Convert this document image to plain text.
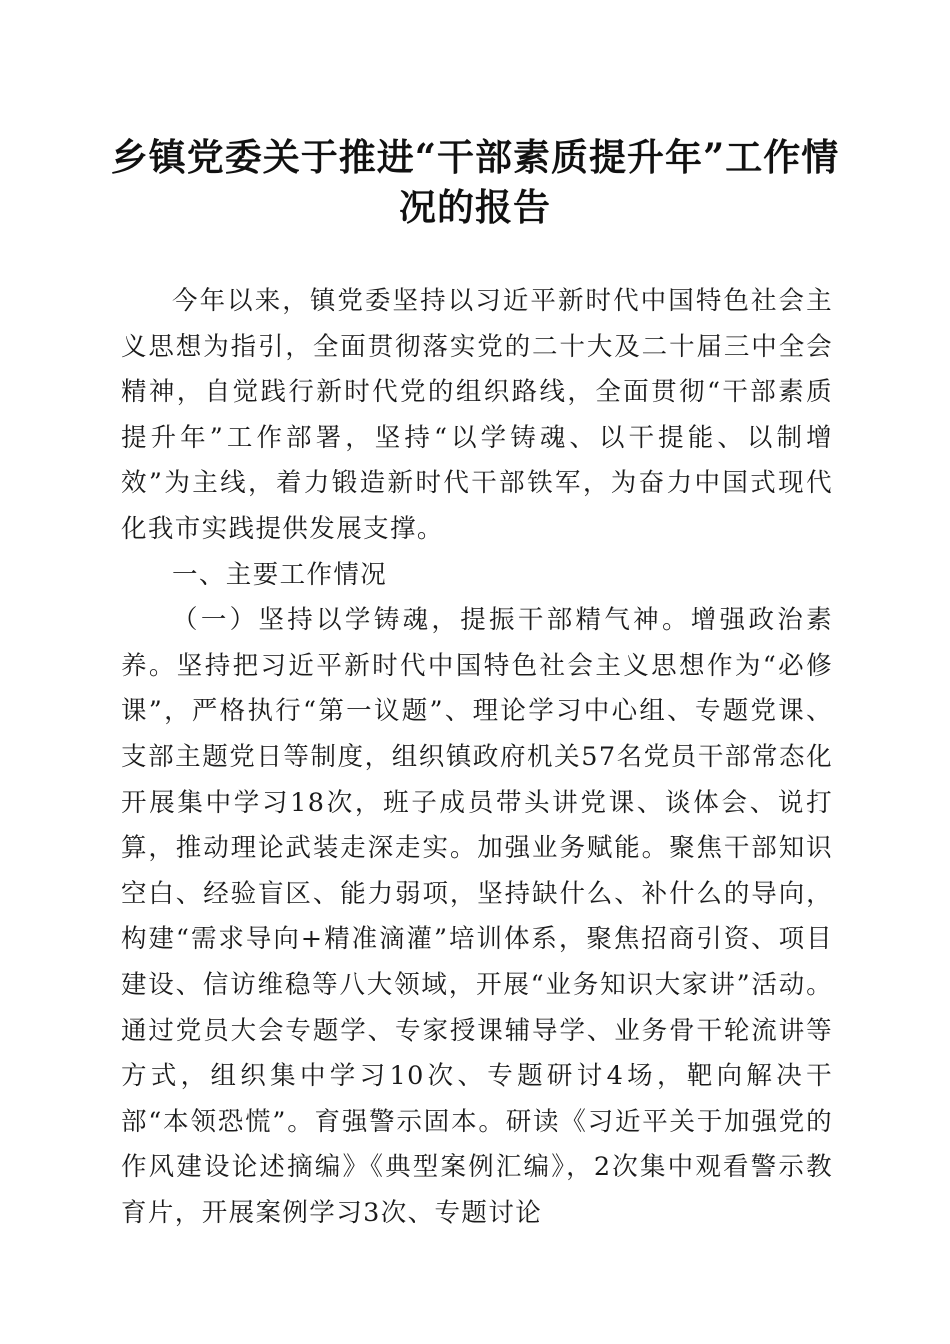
乡镇党委关于推进“干部素质提升年”工作情况的报告

今年以来，镇党委坚持以习近平新时代中国特色社会主义思想为指引，全面贯彻落实党的二十大及二十届三中全会精神，自觉践行新时代党的组织路线，全面贯彻“干部素质提升年”工作部署，坚持“以学铸魂、以干提能、以制增效”为主线，着力锻造新时代干部铁军，为奋力中国式现代化我市实践提供发展支撑。

一、主要工作情况

（一）坚持以学铸魂，提振干部精气神。增强政治素养。坚持把习近平新时代中国特色社会主义思想作为“必修课”，严格执行“第一议题”、理论学习中心组、专题党课、支部主题党日等制度，组织镇政府机关57名党员干部常态化开展集中学习18次，班子成员带头讲党课、谈体会、说打算，推动理论武装走深走实。加强业务赋能。聚焦干部知识空白、经验盲区、能力弱项，坚持缺什么、补什么的导向，构建“需求导向+精准滴灌”培训体系，聚焦招商引资、项目建设、信访维稳等八大领域，开展“业务知识大家讲”活动。通过党员大会专题学、专家授课辅导学、业务骨干轮流讲等方式，组织集中学习10次、专题研讨4场，靶向解决干部“本领恐慌”。育强警示固本。研读《习近平关于加强党的作风建设论述摘编》《典型案例汇编》，2次集中观看警示教育片，开展案例学习3次、专题讨论
